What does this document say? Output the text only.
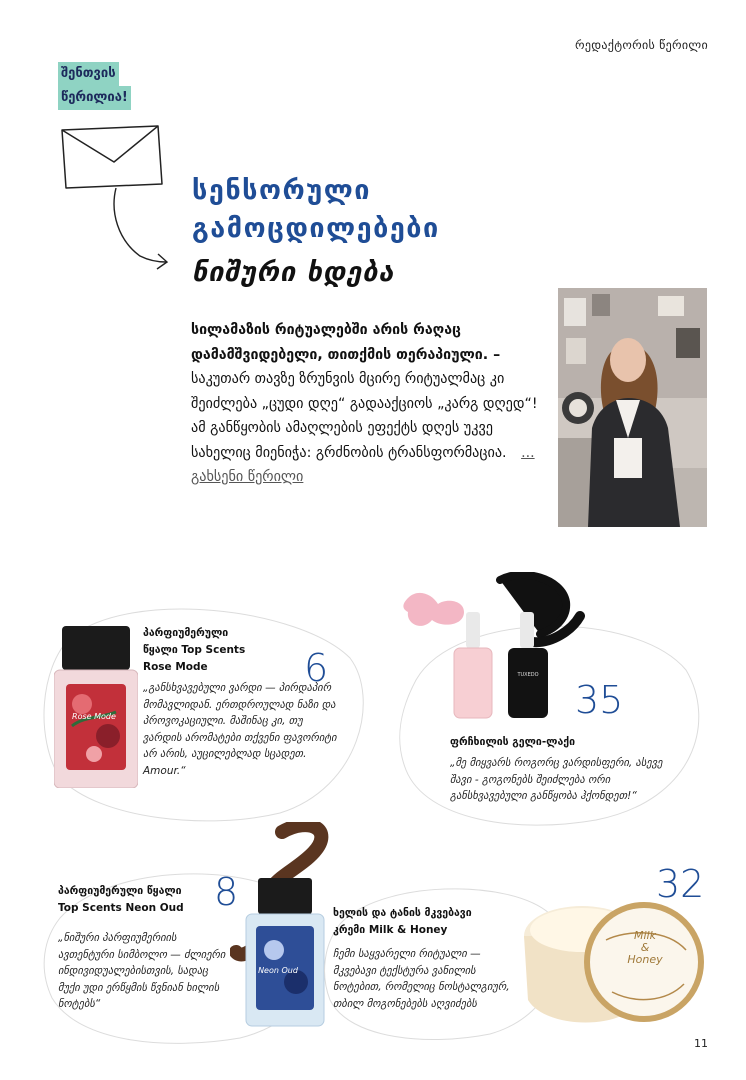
რედაქტორის წერილი
შენთვის
წერილია!
სენსორული
გამოცდილებები
ნიშური ხდება
სილამაზის რიტუალებში არის რაღაც დამამშვიდებელი, თითქმის თერაპიული. – საკუთარ თავზე ზრუნვის მცირე რიტუალმაც კი შეიძლება „ცუდი დღე“ გადააქციოს „კარგ დღედ“! ამ განწყობის ამაღლების ეფექტს დღეს უკვე სახელიც მიენიჭა: გრძნობის ტრანსფორმაცია. ... გახსენი წერილი
Rose Mode
პარფიუმერული
წყალი Top Scents
Rose Mode	6
„განსხვავებული ვარდი — პირდაპირ მომავლიდან. ერთდროულად ნაზი და პროვოკაციული. მაშინაც კი, თუ ვარდის არომატები თქვენი ფავორიტი არ არის, აუცილებლად სცადეთ. Amour.“
TUXEDO
35
ფრჩხილის გელი-ლაქი
„მე მიყვარს როგორც ვარდისფერი, ასევე შავი - გოგონებს შეიძლება ორი განსხვავებული განწყობა ჰქონდეთ!“
Neon Oud
პარფიუმერული წყალი
Top Scents Neon Oud 8
„ნიშური პარფიუმერიის ავთენტური სიმბოლო — ძლიერი ინდივიდუალებისთვის, სადაც მუქი უდი ერწყმის წვნიან ხილის ნოტებს“
Milk
&
Honey
32
ხელის და ტანის მკვებავი
კრემი Milk & Honey
ჩემი საყვარელი რიტუალი — მკვებავი ტექსტურა ვანილის ნოტებით, რომელიც ნოსტალგიურ, თბილ მოგონებებს აღვიძებს
11
